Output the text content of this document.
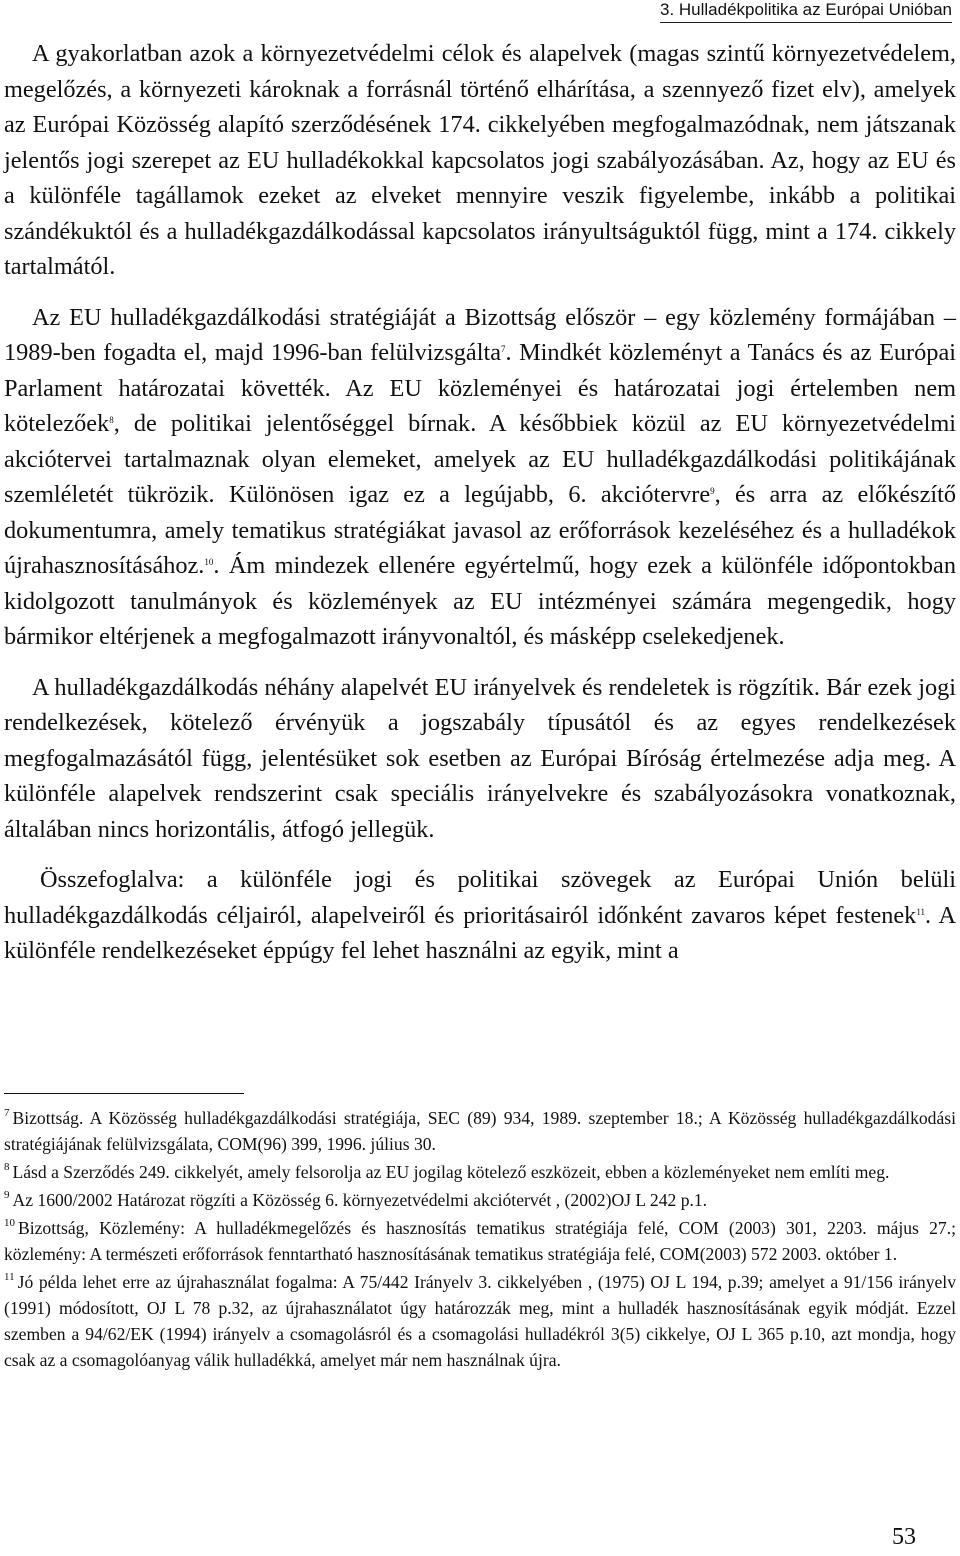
3. Hulladékpolitika az Európai Unióban

A gyakorlatban azok a környezetvédelmi célok és alapelvek (magas szintű környezetvédelem, megelőzés, a környezeti károknak a forrásnál történő elhárítása, a szennyező fizet elv), amelyek az Európai Közösség alapító szerződésének 174. cikkelyében megfogalmazódnak, nem játszanak jelentős jogi szerepet az EU hulladékokkal kapcsolatos jogi szabályozásában. Az, hogy az EU és a különféle tagállamok ezeket az elveket mennyire veszik figyelembe, inkább a politikai szándékuktól és a hulladékgazdálkodással kapcsolatos irányultságuktól függ, mint a 174. cikkely tartalmától.

Az EU hulladékgazdálkodási stratégiáját a Bizottság először – egy közlemény formájában – 1989-ben fogadta el, majd 1996-ban felülvizsgálta$^7$. Mindkét közleményt a Tanács és az Európai Parlament határozatai követték. Az EU közleményei és határozatai jogi értelemben nem kötelezőek$^8$, de politikai jelentőséggel bírnak. A későbbiek közül az EU környezetvédelmi akciótervei tartalmaznak olyan elemeket, amelyek az EU hulladékgazdálkodási politikájának szemléletét tükrözik. Különösen igaz ez a legújabb, 6. akciótervre$^9$, és arra az előkészítő dokumentumra, amely tematikus stratégiákat javasol az erőforrások kezeléséhez és a hulladékok újrahasznosításához.$^{10}$. Ám mindezek ellenére egyértelmű, hogy ezek a különféle időpontokban kidolgozott tanulmányok és közlemények az EU intézményei számára megengedik, hogy bármikor eltérjenek a megfogalmazott irányvonaltól, és másképp cselekedjenek.

A hulladékgazdálkodás néhány alapelvét EU irányelvek és rendeletek is rögzítik. Bár ezek jogi rendelkezések, kötelező érvényük a jogszabály típusától és az egyes rendelkezések megfogalmazásától függ, jelentésüket sok esetben az Európai Bíróság értelmezése adja meg. A különféle alapelvek rendszerint csak speciális irányelvekre és szabályozásokra vonatkoznak, általában nincs horizontális, átfogó jellegük.

Összefoglalva: a különféle jogi és politikai szövegek az Európai Unión belüli hulladékgazdálkodás céljairól, alapelveiről és prioritásairól időnként zavaros képet festenek$^{11}$. A különféle rendelkezéseket éppúgy fel lehet használni az egyik, mint a

$^7$ Bizottság. A Közösség hulladékgazdálkodási stratégiája, SEC (89) 934, 1989. szeptember 18.; A Közösség hulladékgazdálkodási stratégiájának felülvizsgálata, COM(96) 399, 1996. július 30.

$^8$ Lásd a Szerződés 249. cikkelyét, amely felsorolja az EU jogilag kötelező eszközeit, ebben a közleményeket nem említi meg.

$^9$ Az 1600/2002 Határozat rögzíti a Közösség 6. környezetvédelmi akciótervét , (2002)OJ L 242 p.1.

$^{10}$ Bizottság, Közlemény: A hulladékmegelőzés és hasznosítás tematikus stratégiája felé, COM (2003) 301, 2203. május 27.; közlemény: A természeti erőforrások fenntartható hasznosításának tematikus stratégiája felé, COM(2003) 572 2003. október 1.

$^{11}$ Jó példa lehet erre az újrahasználat fogalma: A 75/442 Irányelv 3. cikkelyében , (1975) OJ L 194, p.39; amelyet a 91/156 irányelv (1991) módosított, OJ L 78 p.32, az újrahasználatot úgy határozzák meg, mint a hulladék hasznosításának egyik módját. Ezzel szemben a 94/62/EK (1994) irányelv a csomagolásról és a csomagolási hulladékról 3(5) cikkelye, OJ L 365 p.10, azt mondja, hogy csak az a csomagolóanyag válik hulladékká, amelyet már nem használnak újra.

53
